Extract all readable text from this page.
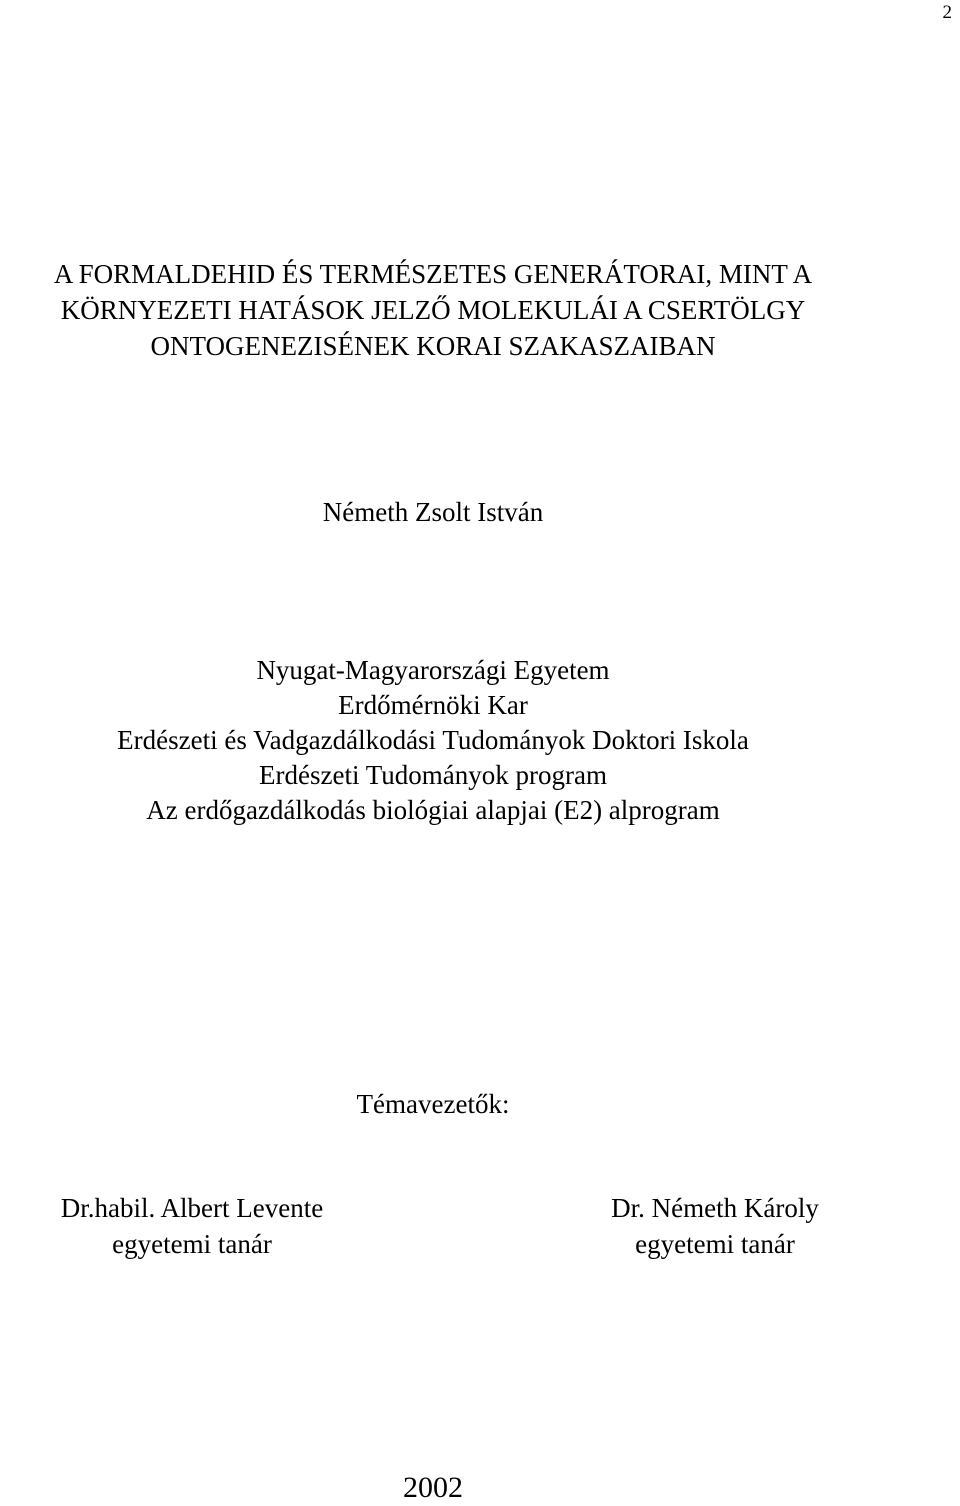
2
A FORMALDEHID ÉS TERMÉSZETES GENERÁTORAI, MINT A
KÖRNYEZETI HATÁSOK JELZŐ MOLEKULÁI A CSERTÖLGY
ONTOGENEZISÉNEK KORAI SZAKASZAIBAN
Németh Zsolt István
Nyugat-Magyarországi Egyetem
Erdőmérnöki Kar
Erdészeti és Vadgazdálkodási Tudományok Doktori Iskola
Erdészeti Tudományok program
Az erdőgazdálkodás biológiai alapjai (E2) alprogram
Témavezetők:
Dr.habil. Albert Levente
egyetemi tanár
Dr. Németh Károly
egyetemi tanár
2002
